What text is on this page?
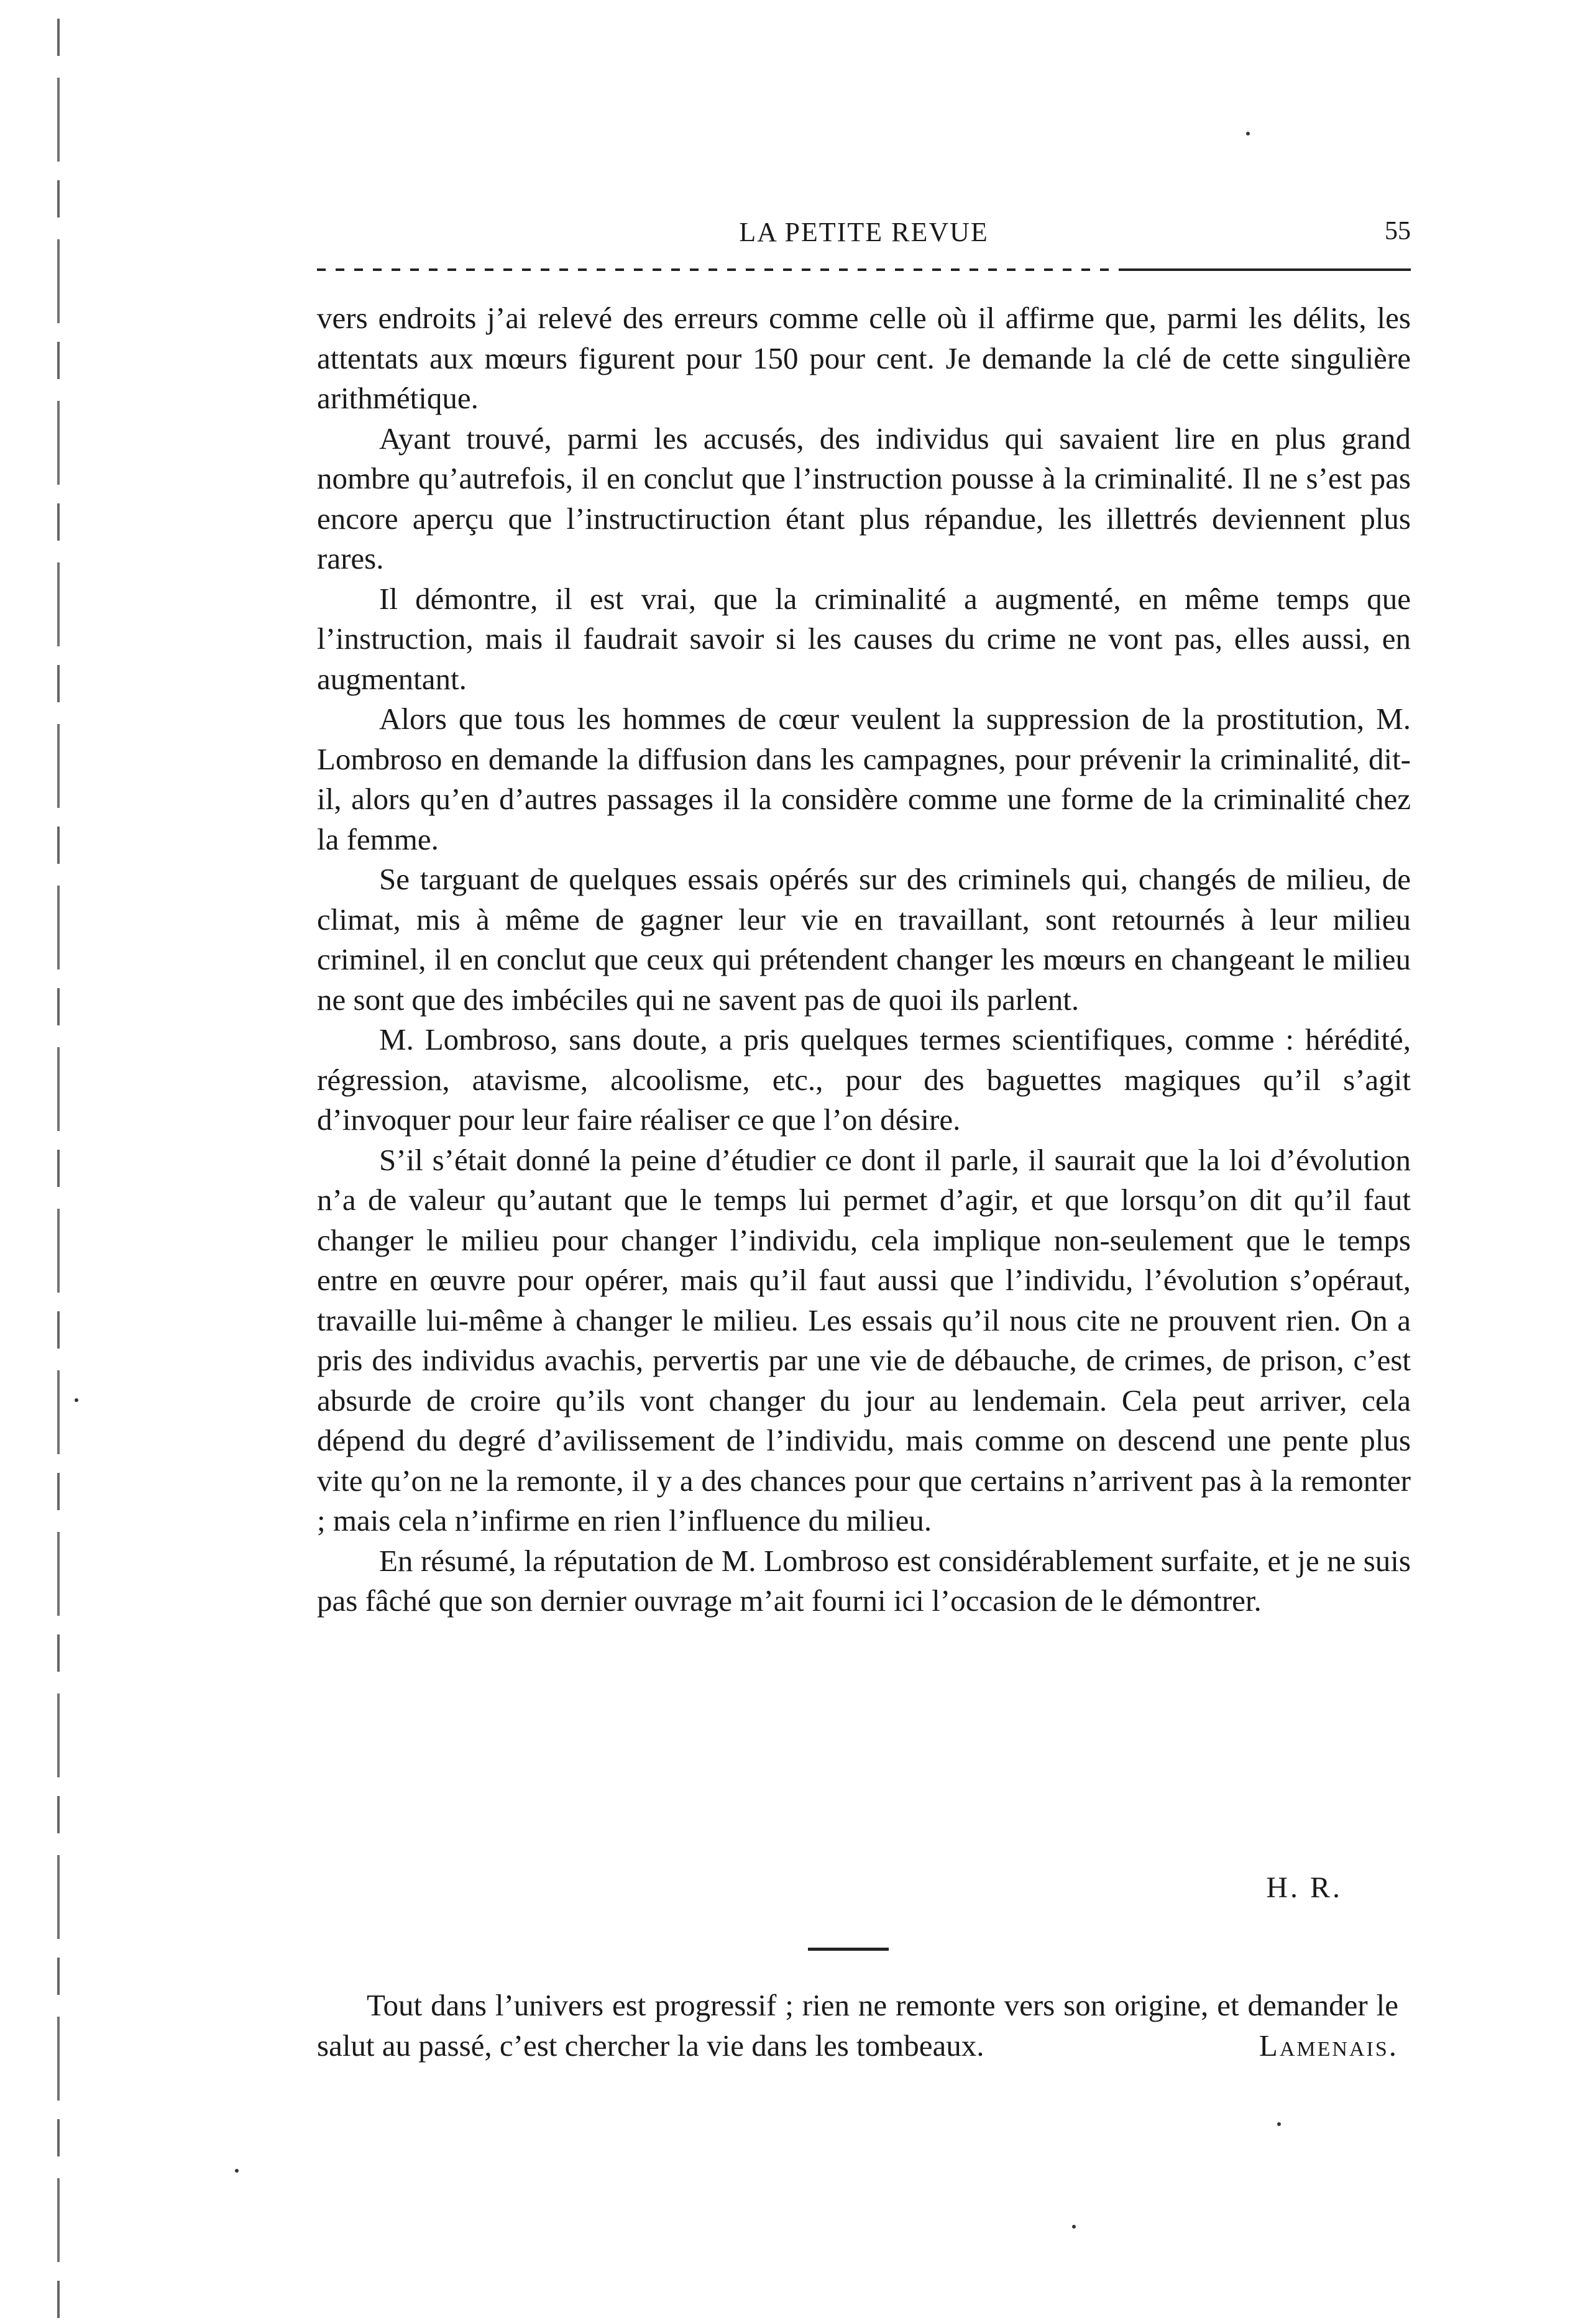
LA PETITE REVUE	55

vers endroits j’ai relevé des erreurs comme celle où il affirme que, parmi les délits, les attentats aux mœurs figurent pour 150 pour cent. Je demande la clé de cette singulière arithmétique.

Ayant trouvé, parmi les accusés, des individus qui savaient lire en plus grand nombre qu’autrefois, il en conclut que l’instruction pousse à la criminalité. Il ne s’est pas encore aperçu que l’instructiruction étant plus répandue, les illettrés deviennent plus rares.

Il démontre, il est vrai, que la criminalité a augmenté, en même temps que l’instruction, mais il faudrait savoir si les causes du crime ne vont pas, elles aussi, en augmentant.

Alors que tous les hommes de cœur veulent la suppression de la prostitution, M. Lombroso en demande la diffusion dans les campagnes, pour prévenir la criminalité, dit-il, alors qu’en d’autres passages il la considère comme une forme de la criminalité chez la femme.

Se targuant de quelques essais opérés sur des criminels qui, changés de milieu, de climat, mis à même de gagner leur vie en travaillant, sont retournés à leur milieu criminel, il en conclut que ceux qui prétendent changer les mœurs en changeant le milieu ne sont que des imbéciles qui ne savent pas de quoi ils parlent.

M. Lombroso, sans doute, a pris quelques termes scientifiques, comme : hérédité, régression, atavisme, alcoolisme, etc., pour des baguettes magiques qu’il s’agit d’invoquer pour leur faire réaliser ce que l’on désire.

S’il s’était donné la peine d’étudier ce dont il parle, il saurait que la loi d’évolution n’a de valeur qu’autant que le temps lui permet d’agir, et que lorsqu’on dit qu’il faut changer le milieu pour changer l’individu, cela implique non-seulement que le temps entre en œuvre pour opérer, mais qu’il faut aussi que l’individu, l’évolution s’opéraut, travaille lui-même à changer le milieu. Les essais qu’il nous cite ne prouvent rien. On a pris des individus avachis, pervertis par une vie de débauche, de crimes, de prison, c’est absurde de croire qu’ils vont changer du jour au lendemain. Cela peut arriver, cela dépend du degré d’avilissement de l’individu, mais comme on descend une pente plus vite qu’on ne la remonte, il y a des chances pour que certains n’arrivent pas à la remonter ; mais cela n’infirme en rien l’influence du milieu.

En résumé, la réputation de M. Lombroso est considérablement surfaite, et je ne suis pas fâché que son dernier ouvrage m’ait fourni ici l’occasion de le démontrer.

H. R.

Tout dans l’univers est progressif ; rien ne remonte vers son origine, et demander le salut au passé, c’est chercher la vie dans les tombeaux.	Lamenais.
